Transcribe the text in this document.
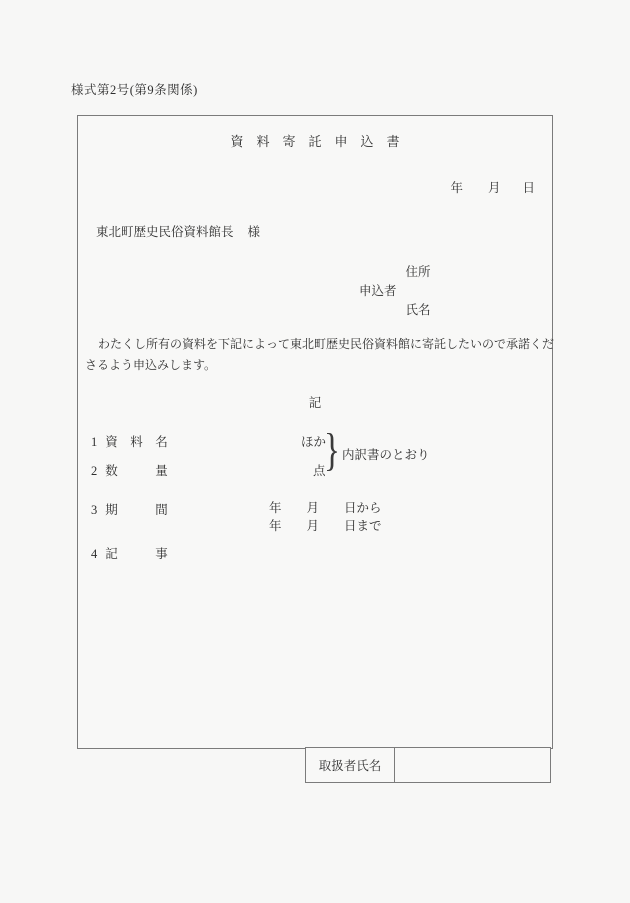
様式第2号(第9条関係)
資料寄託申込書
年 月 日
東北町歴史民俗資料館長 様
申込者
住所
氏名
わたくし所有の資料を下記によって東北町歴史民俗資料館に寄託したいので承諾くだ
さるよう申込みします。
記
1 資　料　名	ほか
2 数　　　量	点
} 内訳書のとおり
3 期　　　間	年　　月　　日から
年　　月　　日まで
4 記　　　事
取扱者氏名
